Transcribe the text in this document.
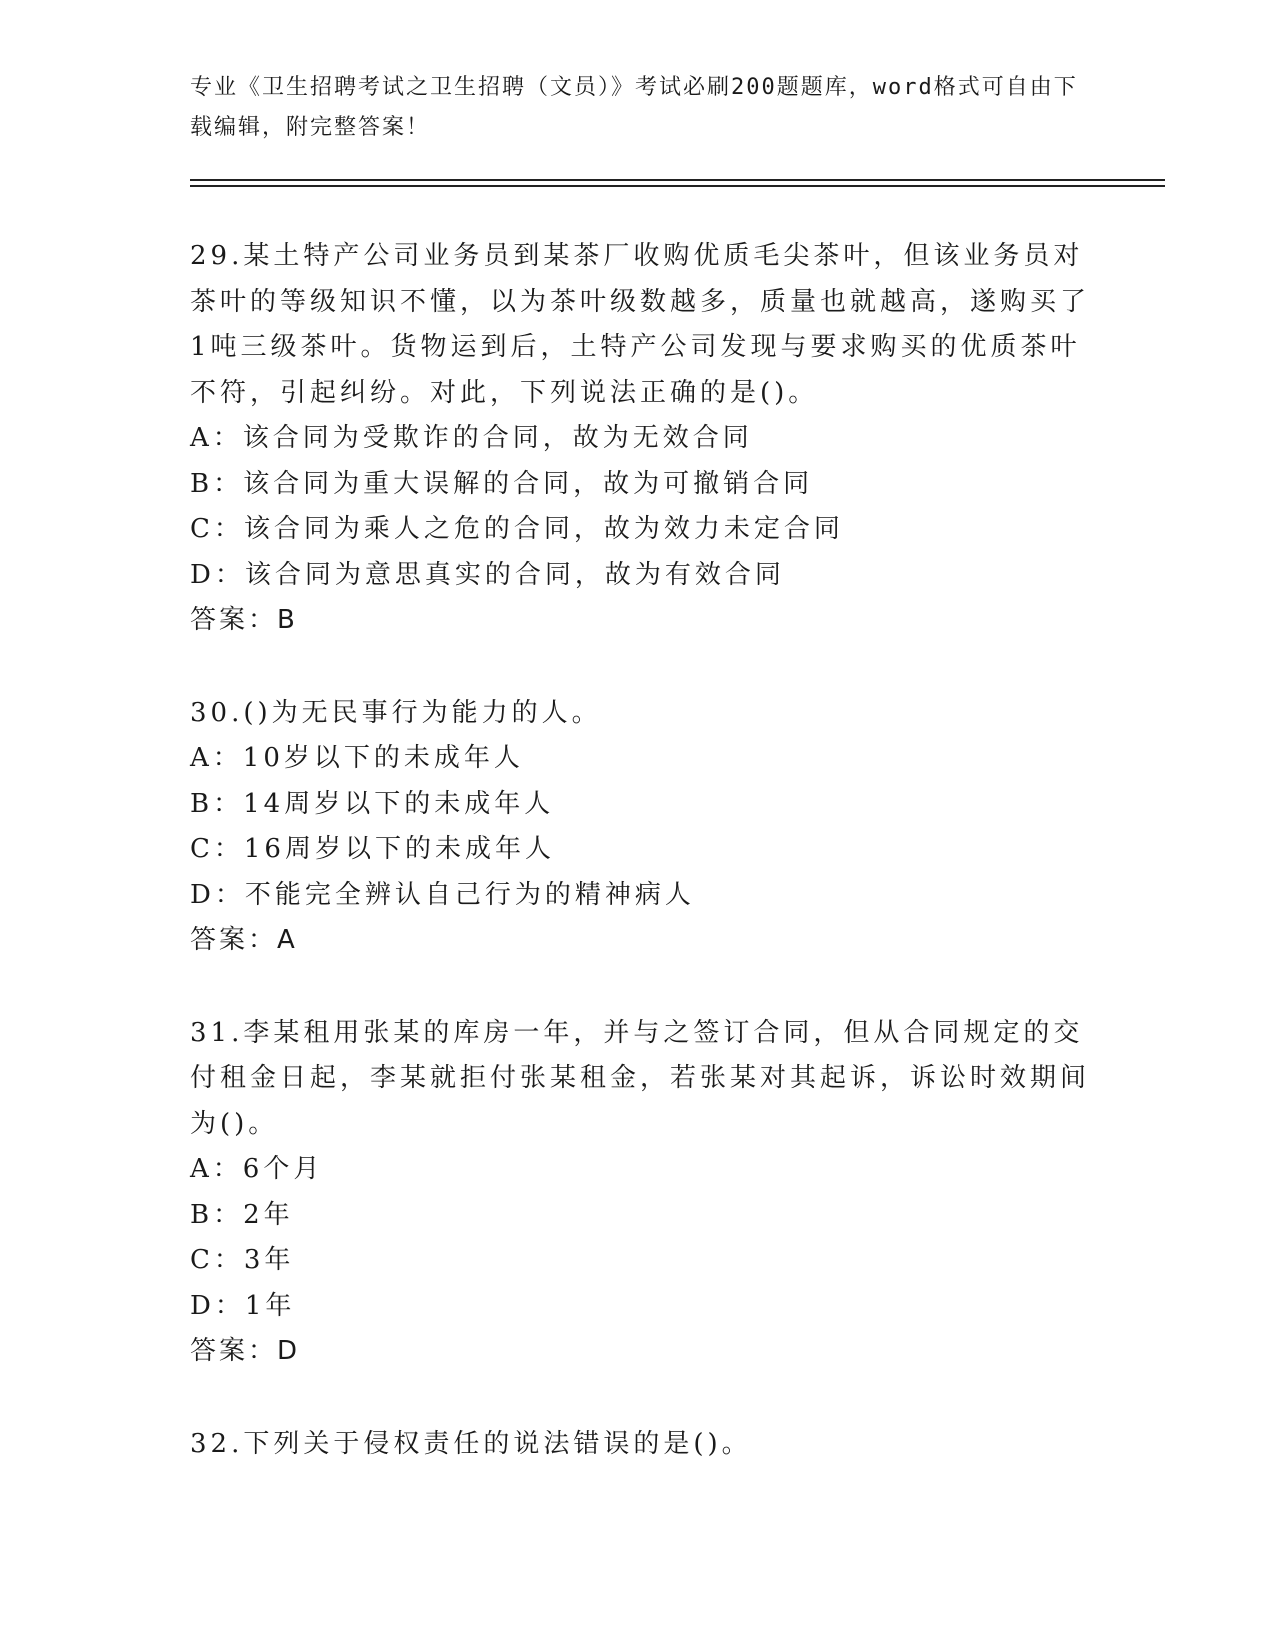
专业《卫生招聘考试之卫生招聘（文员）》考试必刷200题题库，word格式可自由下载编辑，附完整答案！

29.某土特产公司业务员到某茶厂收购优质毛尖茶叶，但该业务员对茶叶的等级知识不懂，以为茶叶级数越多，质量也就越高，遂购买了1吨三级茶叶。货物运到后，土特产公司发现与要求购买的优质茶叶不符，引起纠纷。对此，下列说法正确的是()。

A：该合同为受欺诈的合同，故为无效合同

B：该合同为重大误解的合同，故为可撤销合同

C：该合同为乘人之危的合同，故为效力未定合同

D：该合同为意思真实的合同，故为有效合同

答案：B

30.()为无民事行为能力的人。

A：10岁以下的未成年人

B：14周岁以下的未成年人

C：16周岁以下的未成年人

D：不能完全辨认自己行为的精神病人

答案：A

31.李某租用张某的库房一年，并与之签订合同，但从合同规定的交付租金日起，李某就拒付张某租金，若张某对其起诉，诉讼时效期间为()。

A：6个月

B：2年

C：3年

D：1年

答案：D

32.下列关于侵权责任的说法错误的是()。
